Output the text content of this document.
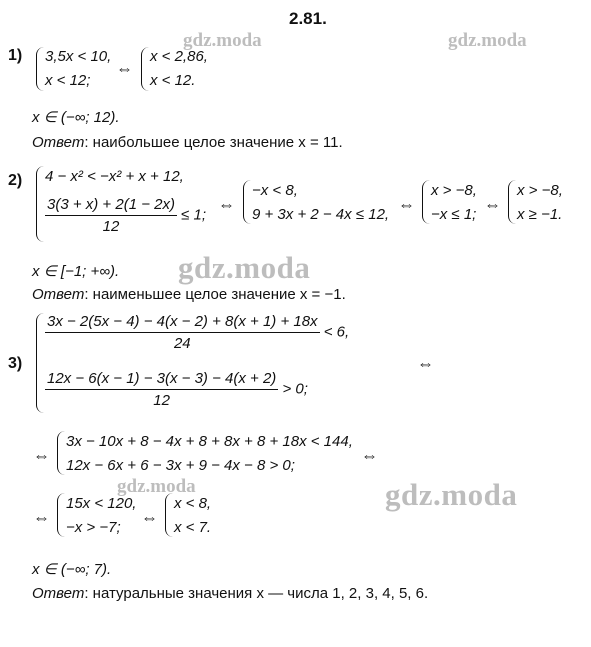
2.81.
gdz.moda	gdz.moda
gdz.moda
gdz.moda
gdz.moda
1) 3,5x < 10,
x < 12;
⇔
x < 2,86,
x < 12.
x ∈ (−∞; 12).
Ответ: наибольшее целое значение x = 11.
2) 4 − x² < −x² + x + 12,
$\frac{3(3 + x) + 2(1 - 2x)}{12} \le 1$;
⇔
−x < 8,
9 + 3x + 2 − 4x ≤ 12,
⇔
x > −8,
−x ≤ 1;
⇔
x > −8,
x ≥ −1.
x ∈ [−1; +∞).
Ответ: наименьшее целое значение x = −1.
3)
$\frac{3x - 2(5x - 4) - 4(x - 2) + 8(x + 1) + 18x}{24} < 6$,
$\frac{12x - 6(x - 1) - 3(x - 3) - 4(x + 2)}{12} > 0$;
⇔
⇔
3x − 10x + 8 − 4x + 8 + 8x + 8 + 18x < 144,
12x − 6x + 6 − 3x + 9 − 4x − 8 > 0;
⇔
⇔
15x < 120,
−x > −7;
⇔
x < 8,
x < 7.
x ∈ (−∞; 7).
Ответ: натуральные значения x — числа 1, 2, 3, 4, 5, 6.
